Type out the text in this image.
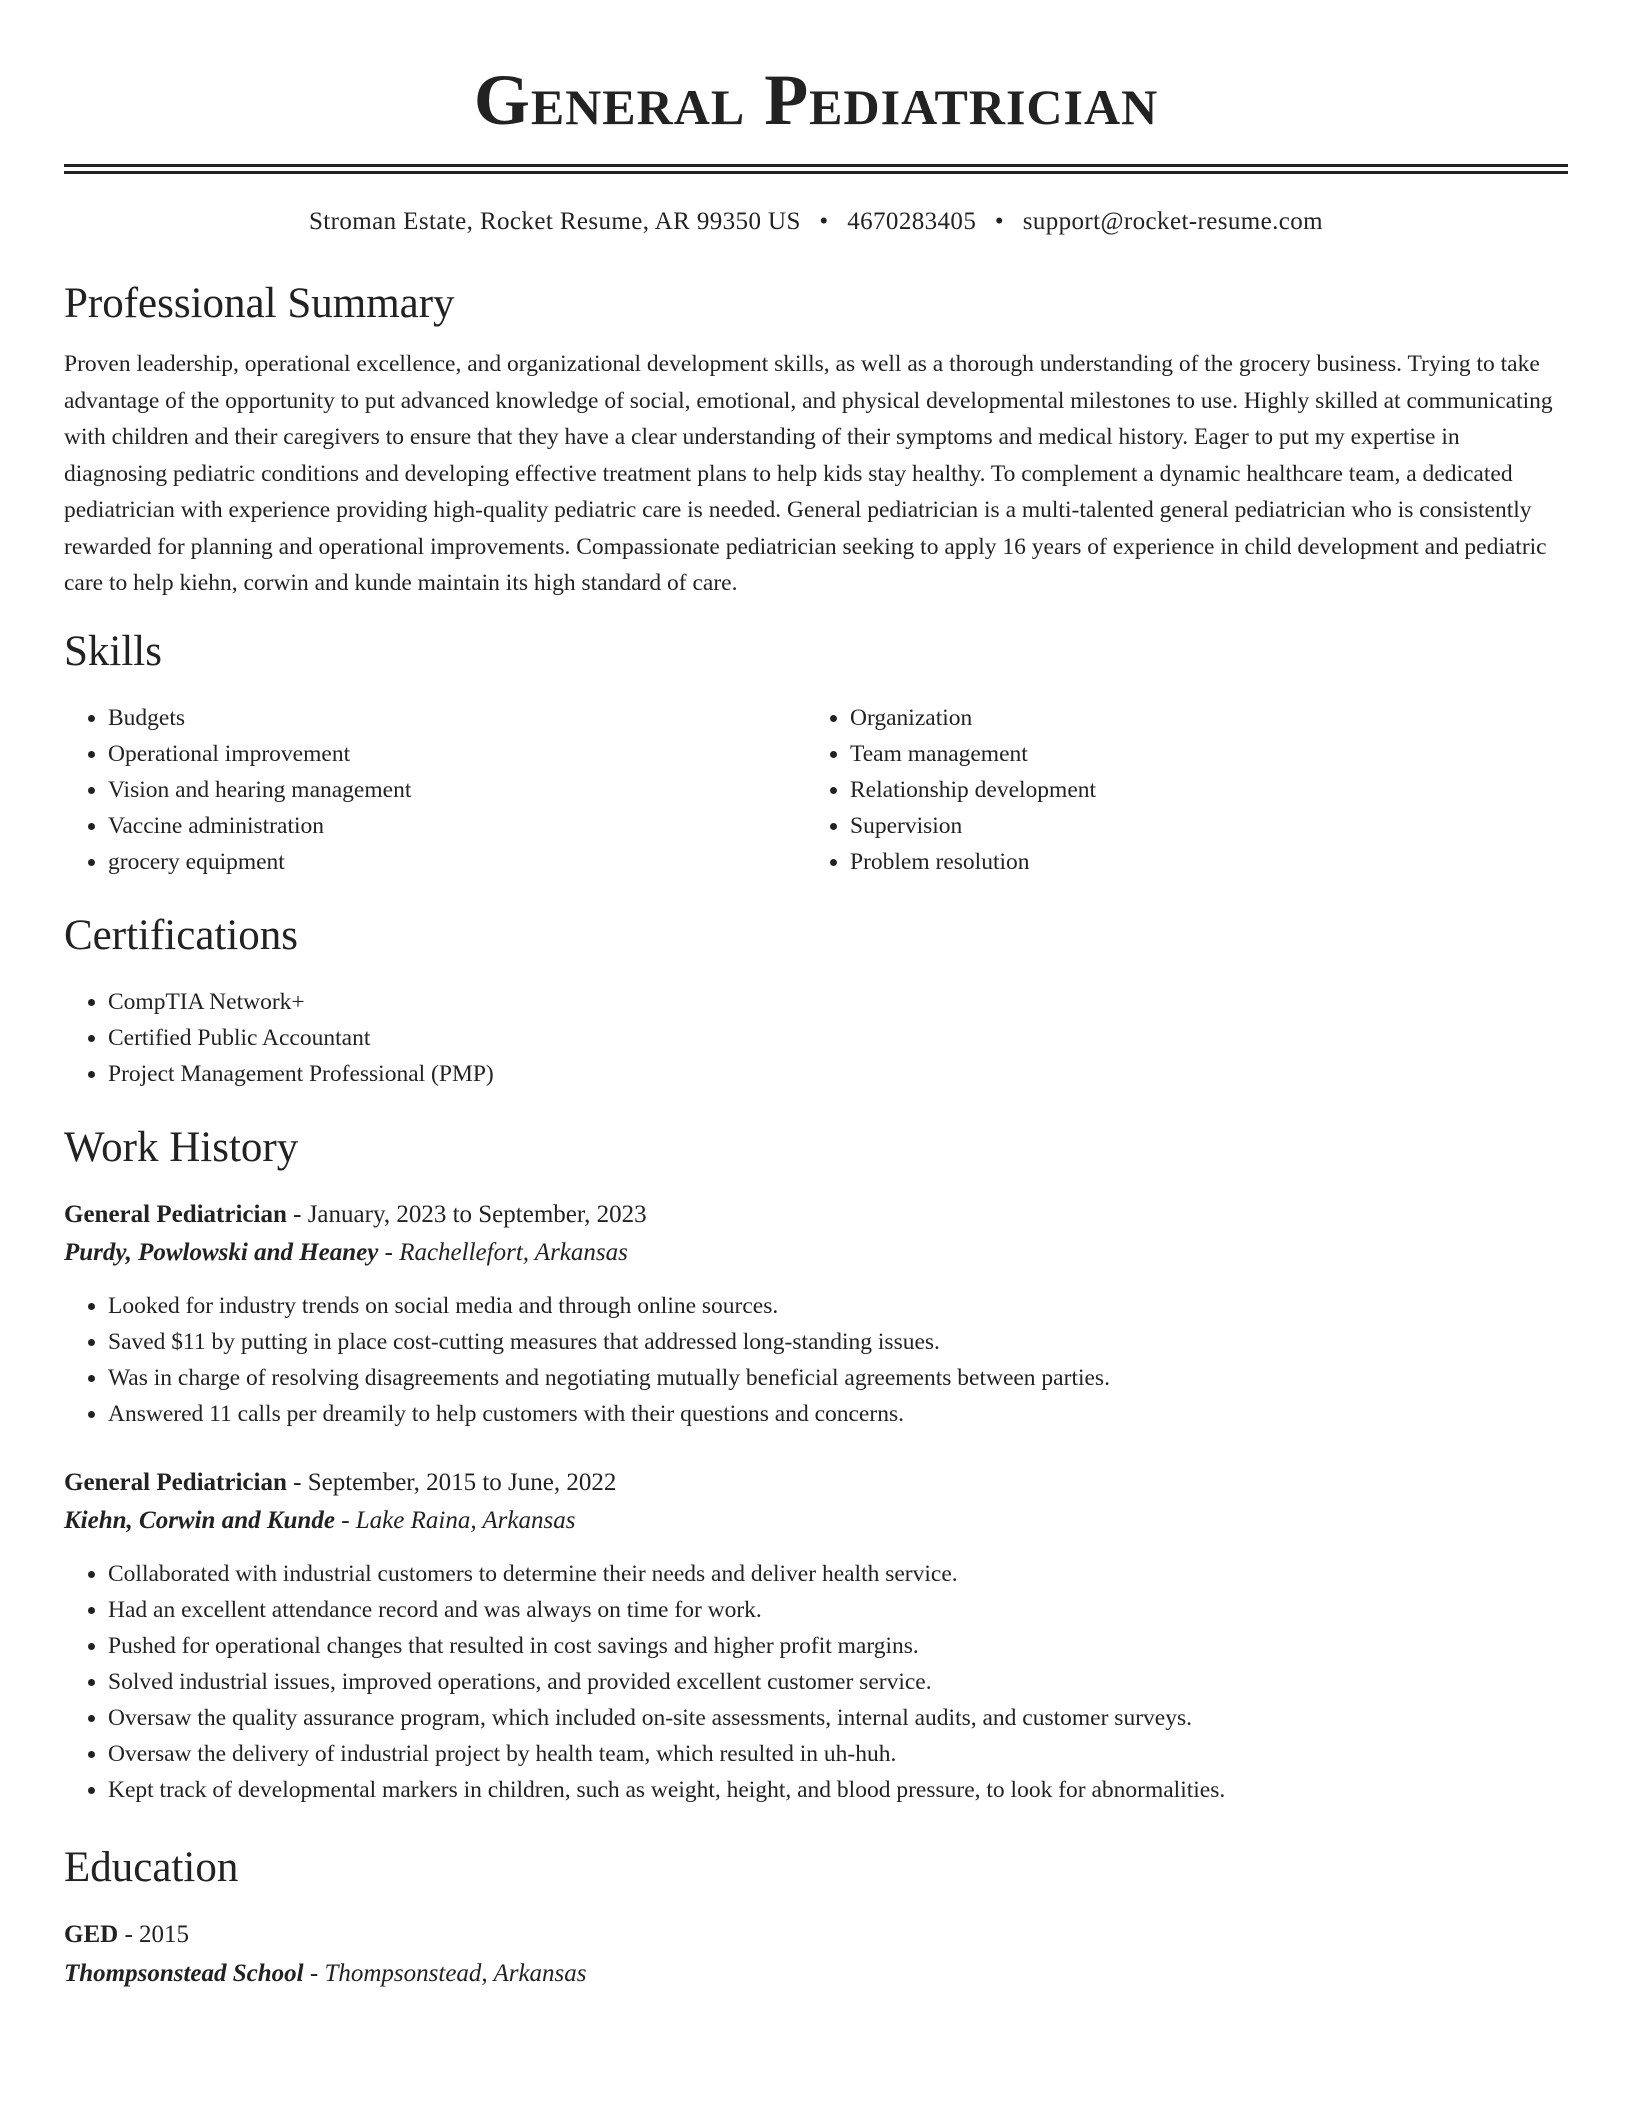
General Pediatrician
Stroman Estate, Rocket Resume, AR 99350 US • 4670283405 • support@rocket-resume.com
Professional Summary

Proven leadership, operational excellence, and organizational development skills, as well as a thorough understanding of the grocery business. Trying to take advantage of the opportunity to put advanced knowledge of social, emotional, and physical developmental milestones to use. Highly skilled at communicating with children and their caregivers to ensure that they have a clear understanding of their symptoms and medical history. Eager to put my expertise in diagnosing pediatric conditions and developing effective treatment plans to help kids stay healthy. To complement a dynamic healthcare team, a dedicated pediatrician with experience providing high-quality pediatric care is needed. General pediatrician is a multi-talented general pediatrician who is consistently rewarded for planning and operational improvements. Compassionate pediatrician seeking to apply 16 years of experience in child development and pediatric care to help kiehn, corwin and kunde maintain its high standard of care.

Skills
• Budgets
• Operational improvement
• Vision and hearing management
• Vaccine administration
• grocery equipment
• Organization
• Team management
• Relationship development
• Supervision
• Problem resolution
Certifications
• CompTIA Network+
• Certified Public Accountant
• Project Management Professional (PMP)
Work History
General Pediatrician - January, 2023 to September, 2023
Purdy, Powlowski and Heaney - Rachellefort, Arkansas
• Looked for industry trends on social media and through online sources.
• Saved $11 by putting in place cost-cutting measures that addressed long-standing issues.
• Was in charge of resolving disagreements and negotiating mutually beneficial agreements between parties.
• Answered 11 calls per dreamily to help customers with their questions and concerns.
General Pediatrician - September, 2015 to June, 2022
Kiehn, Corwin and Kunde - Lake Raina, Arkansas
• Collaborated with industrial customers to determine their needs and deliver health service.
• Had an excellent attendance record and was always on time for work.
• Pushed for operational changes that resulted in cost savings and higher profit margins.
• Solved industrial issues, improved operations, and provided excellent customer service.
• Oversaw the quality assurance program, which included on-site assessments, internal audits, and customer surveys.
• Oversaw the delivery of industrial project by health team, which resulted in uh-huh.
• Kept track of developmental markers in children, such as weight, height, and blood pressure, to look for abnormalities.
Education
GED - 2015
Thompsonstead School - Thompsonstead, Arkansas
